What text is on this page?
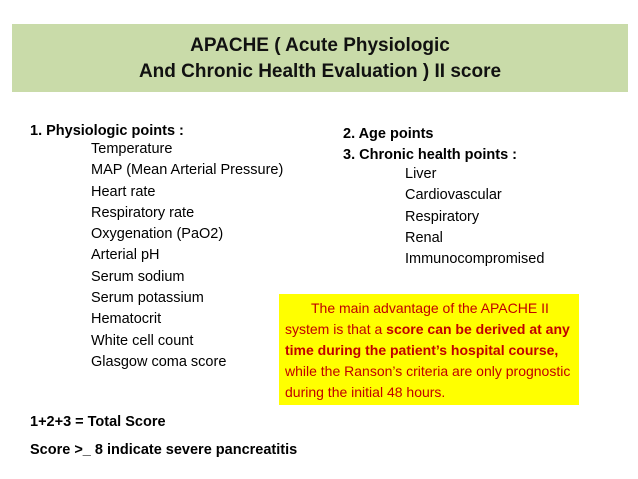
APACHE ( Acute Physiologic
And Chronic Health Evaluation ) II score
1. Physiologic points :
Temperature
MAP (Mean Arterial Pressure)
Heart rate
Respiratory rate
Oxygenation (PaO2)
Arterial pH
Serum sodium
Serum potassium
Hematocrit
White cell count
Glasgow coma score
2. Age points
3. Chronic health points :
Liver
Cardiovascular
Respiratory
Renal
Immunocompromised
The main advantage of the APACHE II
system is that a score can be derived at any time during the patient’s hospital course, while the Ranson’s criteria are only prognostic during the initial 48 hours.
1+2+3 = Total Score
Score >_ 8 indicate severe pancreatitis
